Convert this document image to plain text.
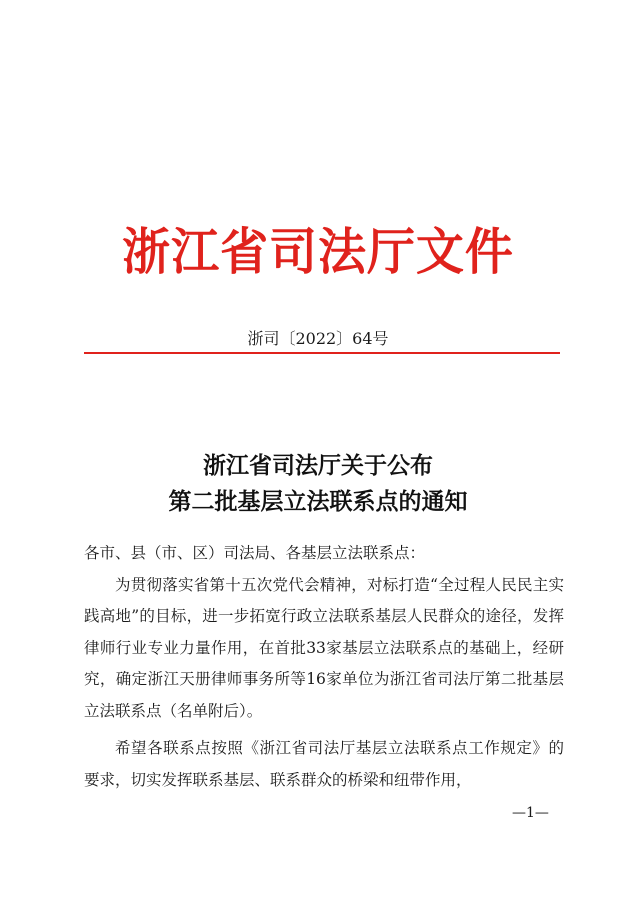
浙江省司法厅文件
浙司〔2022〕64号
浙江省司法厅关于公布
第二批基层立法联系点的通知

各市、县（市、区）司法局、各基层立法联系点：

为贯彻落实省第十五次党代会精神，对标打造“全过程人民民主实践高地”的目标，进一步拓宽行政立法联系基层人民群众的途径，发挥律师行业专业力量作用，在首批33家基层立法联系点的基础上，经研究，确定浙江天册律师事务所等16家单位为浙江省司法厅第二批基层立法联系点（名单附后）。

希望各联系点按照《浙江省司法厅基层立法联系点工作规定》的要求，切实发挥联系基层、联系群众的桥梁和纽带作用，

—1—
